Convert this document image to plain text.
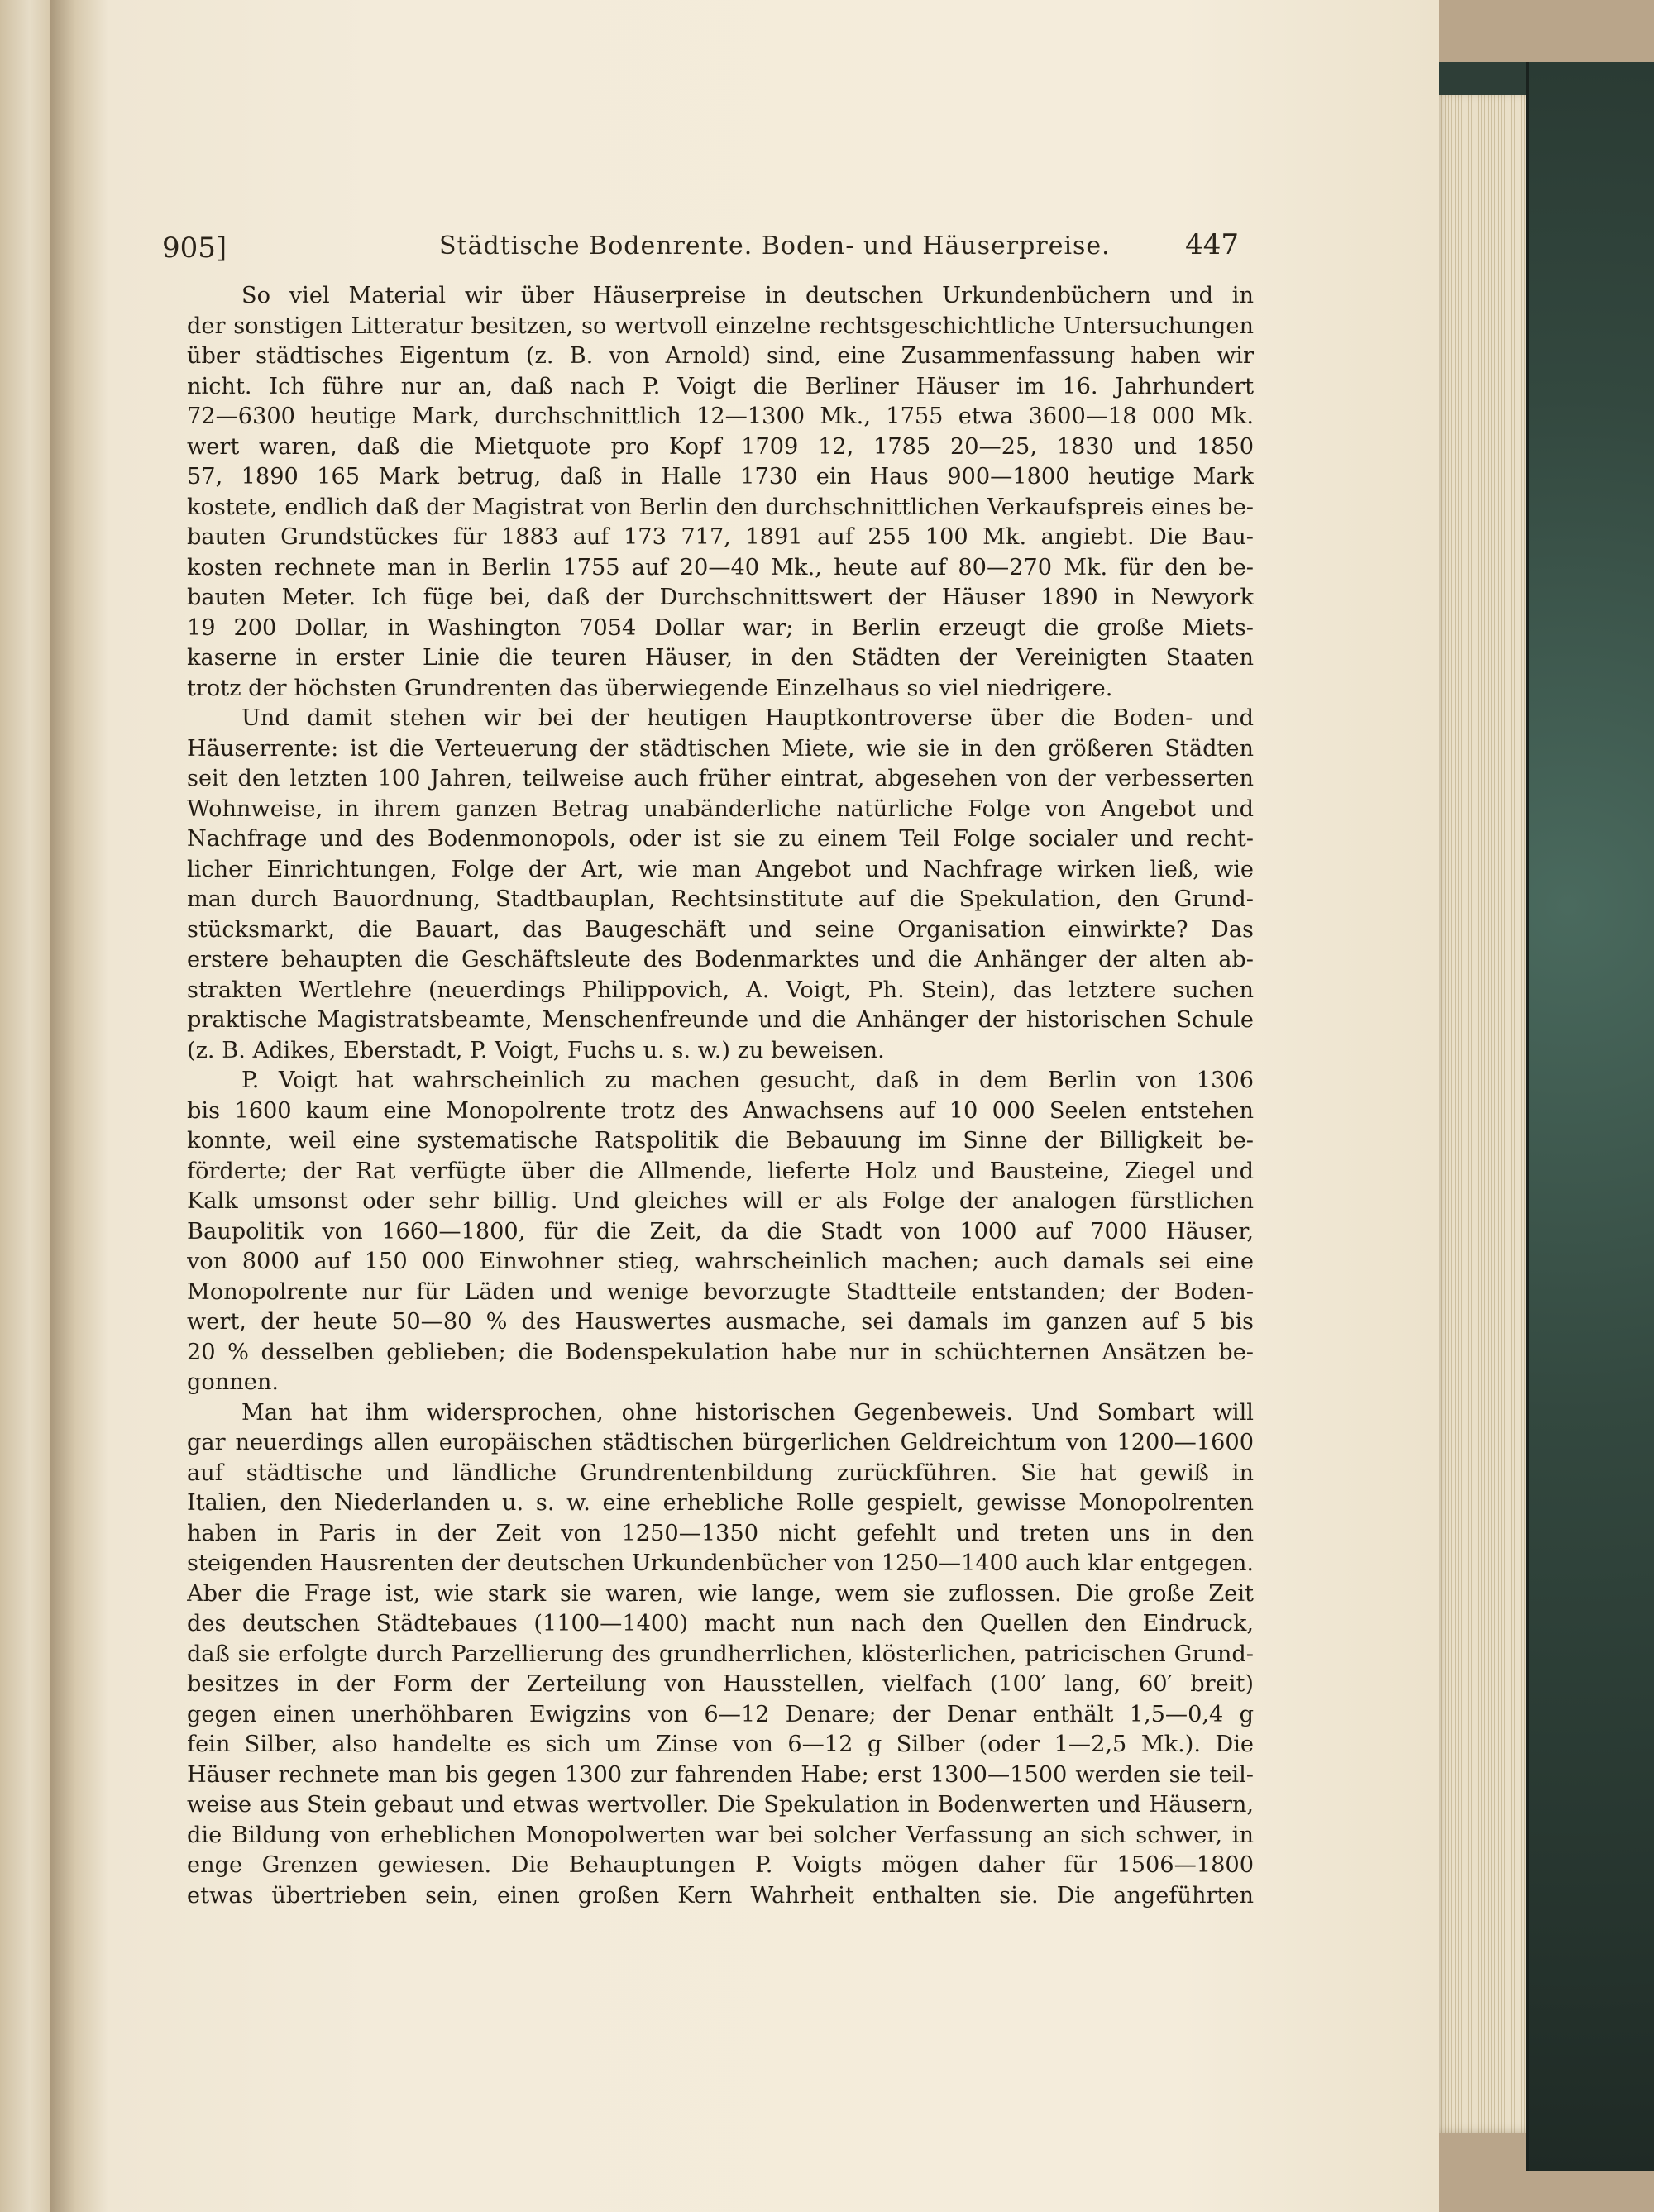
905]	Städtische Bodenrente. Boden- und Häuserpreise.	447
So viel Material wir über Häuserpreise in deutschen Urkundenbüchern und in
der sonstigen Litteratur besitzen, so wertvoll einzelne rechtsgeschichtliche Untersuchungen
über städtisches Eigentum (z. B. von Arnold) sind, eine Zusammenfassung haben wir
nicht. Ich führe nur an, daß nach P. Voigt die Berliner Häuser im 16. Jahrhundert
72—6300 heutige Mark, durchschnittlich 12—1300 Mk., 1755 etwa 3600—18 000 Mk.
wert waren, daß die Mietquote pro Kopf 1709 12, 1785 20—25, 1830 und 1850
57, 1890 165 Mark betrug, daß in Halle 1730 ein Haus 900—1800 heutige Mark
kostete, endlich daß der Magistrat von Berlin den durchschnittlichen Verkaufspreis eines be-
bauten Grundstückes für 1883 auf 173 717, 1891 auf 255 100 Mk. angiebt. Die Bau-
kosten rechnete man in Berlin 1755 auf 20—40 Mk., heute auf 80—270 Mk. für den be-
bauten Meter. Ich füge bei, daß der Durchschnittswert der Häuser 1890 in Newyork
19 200 Dollar, in Washington 7054 Dollar war; in Berlin erzeugt die große Miets-
kaserne in erster Linie die teuren Häuser, in den Städten der Vereinigten Staaten
trotz der höchsten Grundrenten das überwiegende Einzelhaus so viel niedrigere.
Und damit stehen wir bei der heutigen Hauptkontroverse über die Boden- und
Häuserrente: ist die Verteuerung der städtischen Miete, wie sie in den größeren Städten
seit den letzten 100 Jahren, teilweise auch früher eintrat, abgesehen von der verbesserten
Wohnweise, in ihrem ganzen Betrag unabänderliche natürliche Folge von Angebot und
Nachfrage und des Bodenmonopols, oder ist sie zu einem Teil Folge socialer und recht-
licher Einrichtungen, Folge der Art, wie man Angebot und Nachfrage wirken ließ, wie
man durch Bauordnung, Stadtbauplan, Rechtsinstitute auf die Spekulation, den Grund-
stücksmarkt, die Bauart, das Baugeschäft und seine Organisation einwirkte? Das
erstere behaupten die Geschäftsleute des Bodenmarktes und die Anhänger der alten ab-
strakten Wertlehre (neuerdings Philippovich, A. Voigt, Ph. Stein), das letztere suchen
praktische Magistratsbeamte, Menschenfreunde und die Anhänger der historischen Schule
(z. B. Adikes, Eberstadt, P. Voigt, Fuchs u. s. w.) zu beweisen.
P. Voigt hat wahrscheinlich zu machen gesucht, daß in dem Berlin von 1306
bis 1600 kaum eine Monopolrente trotz des Anwachsens auf 10 000 Seelen entstehen
konnte, weil eine systematische Ratspolitik die Bebauung im Sinne der Billigkeit be-
förderte; der Rat verfügte über die Allmende, lieferte Holz und Bausteine, Ziegel und
Kalk umsonst oder sehr billig. Und gleiches will er als Folge der analogen fürstlichen
Baupolitik von 1660—1800, für die Zeit, da die Stadt von 1000 auf 7000 Häuser,
von 8000 auf 150 000 Einwohner stieg, wahrscheinlich machen; auch damals sei eine
Monopolrente nur für Läden und wenige bevorzugte Stadtteile entstanden; der Boden-
wert, der heute 50—80 % des Hauswertes ausmache, sei damals im ganzen auf 5 bis
20 % desselben geblieben; die Bodenspekulation habe nur in schüchternen Ansätzen be-
gonnen.
Man hat ihm widersprochen, ohne historischen Gegenbeweis. Und Sombart will
gar neuerdings allen europäischen städtischen bürgerlichen Geldreichtum von 1200—1600
auf städtische und ländliche Grundrentenbildung zurückführen. Sie hat gewiß in
Italien, den Niederlanden u. s. w. eine erhebliche Rolle gespielt, gewisse Monopolrenten
haben in Paris in der Zeit von 1250—1350 nicht gefehlt und treten uns in den
steigenden Hausrenten der deutschen Urkundenbücher von 1250—1400 auch klar entgegen.
Aber die Frage ist, wie stark sie waren, wie lange, wem sie zuflossen. Die große Zeit
des deutschen Städtebaues (1100—1400) macht nun nach den Quellen den Eindruck,
daß sie erfolgte durch Parzellierung des grundherrlichen, klösterlichen, patricischen Grund-
besitzes in der Form der Zerteilung von Hausstellen, vielfach (100′ lang, 60′ breit)
gegen einen unerhöhbaren Ewigzins von 6—12 Denare; der Denar enthält 1,5—0,4 g
fein Silber, also handelte es sich um Zinse von 6—12 g Silber (oder 1—2,5 Mk.). Die
Häuser rechnete man bis gegen 1300 zur fahrenden Habe; erst 1300—1500 werden sie teil-
weise aus Stein gebaut und etwas wertvoller. Die Spekulation in Bodenwerten und Häusern,
die Bildung von erheblichen Monopolwerten war bei solcher Verfassung an sich schwer, in
enge Grenzen gewiesen. Die Behauptungen P. Voigts mögen daher für 1506—1800
etwas übertrieben sein, einen großen Kern Wahrheit enthalten sie. Die angeführten
